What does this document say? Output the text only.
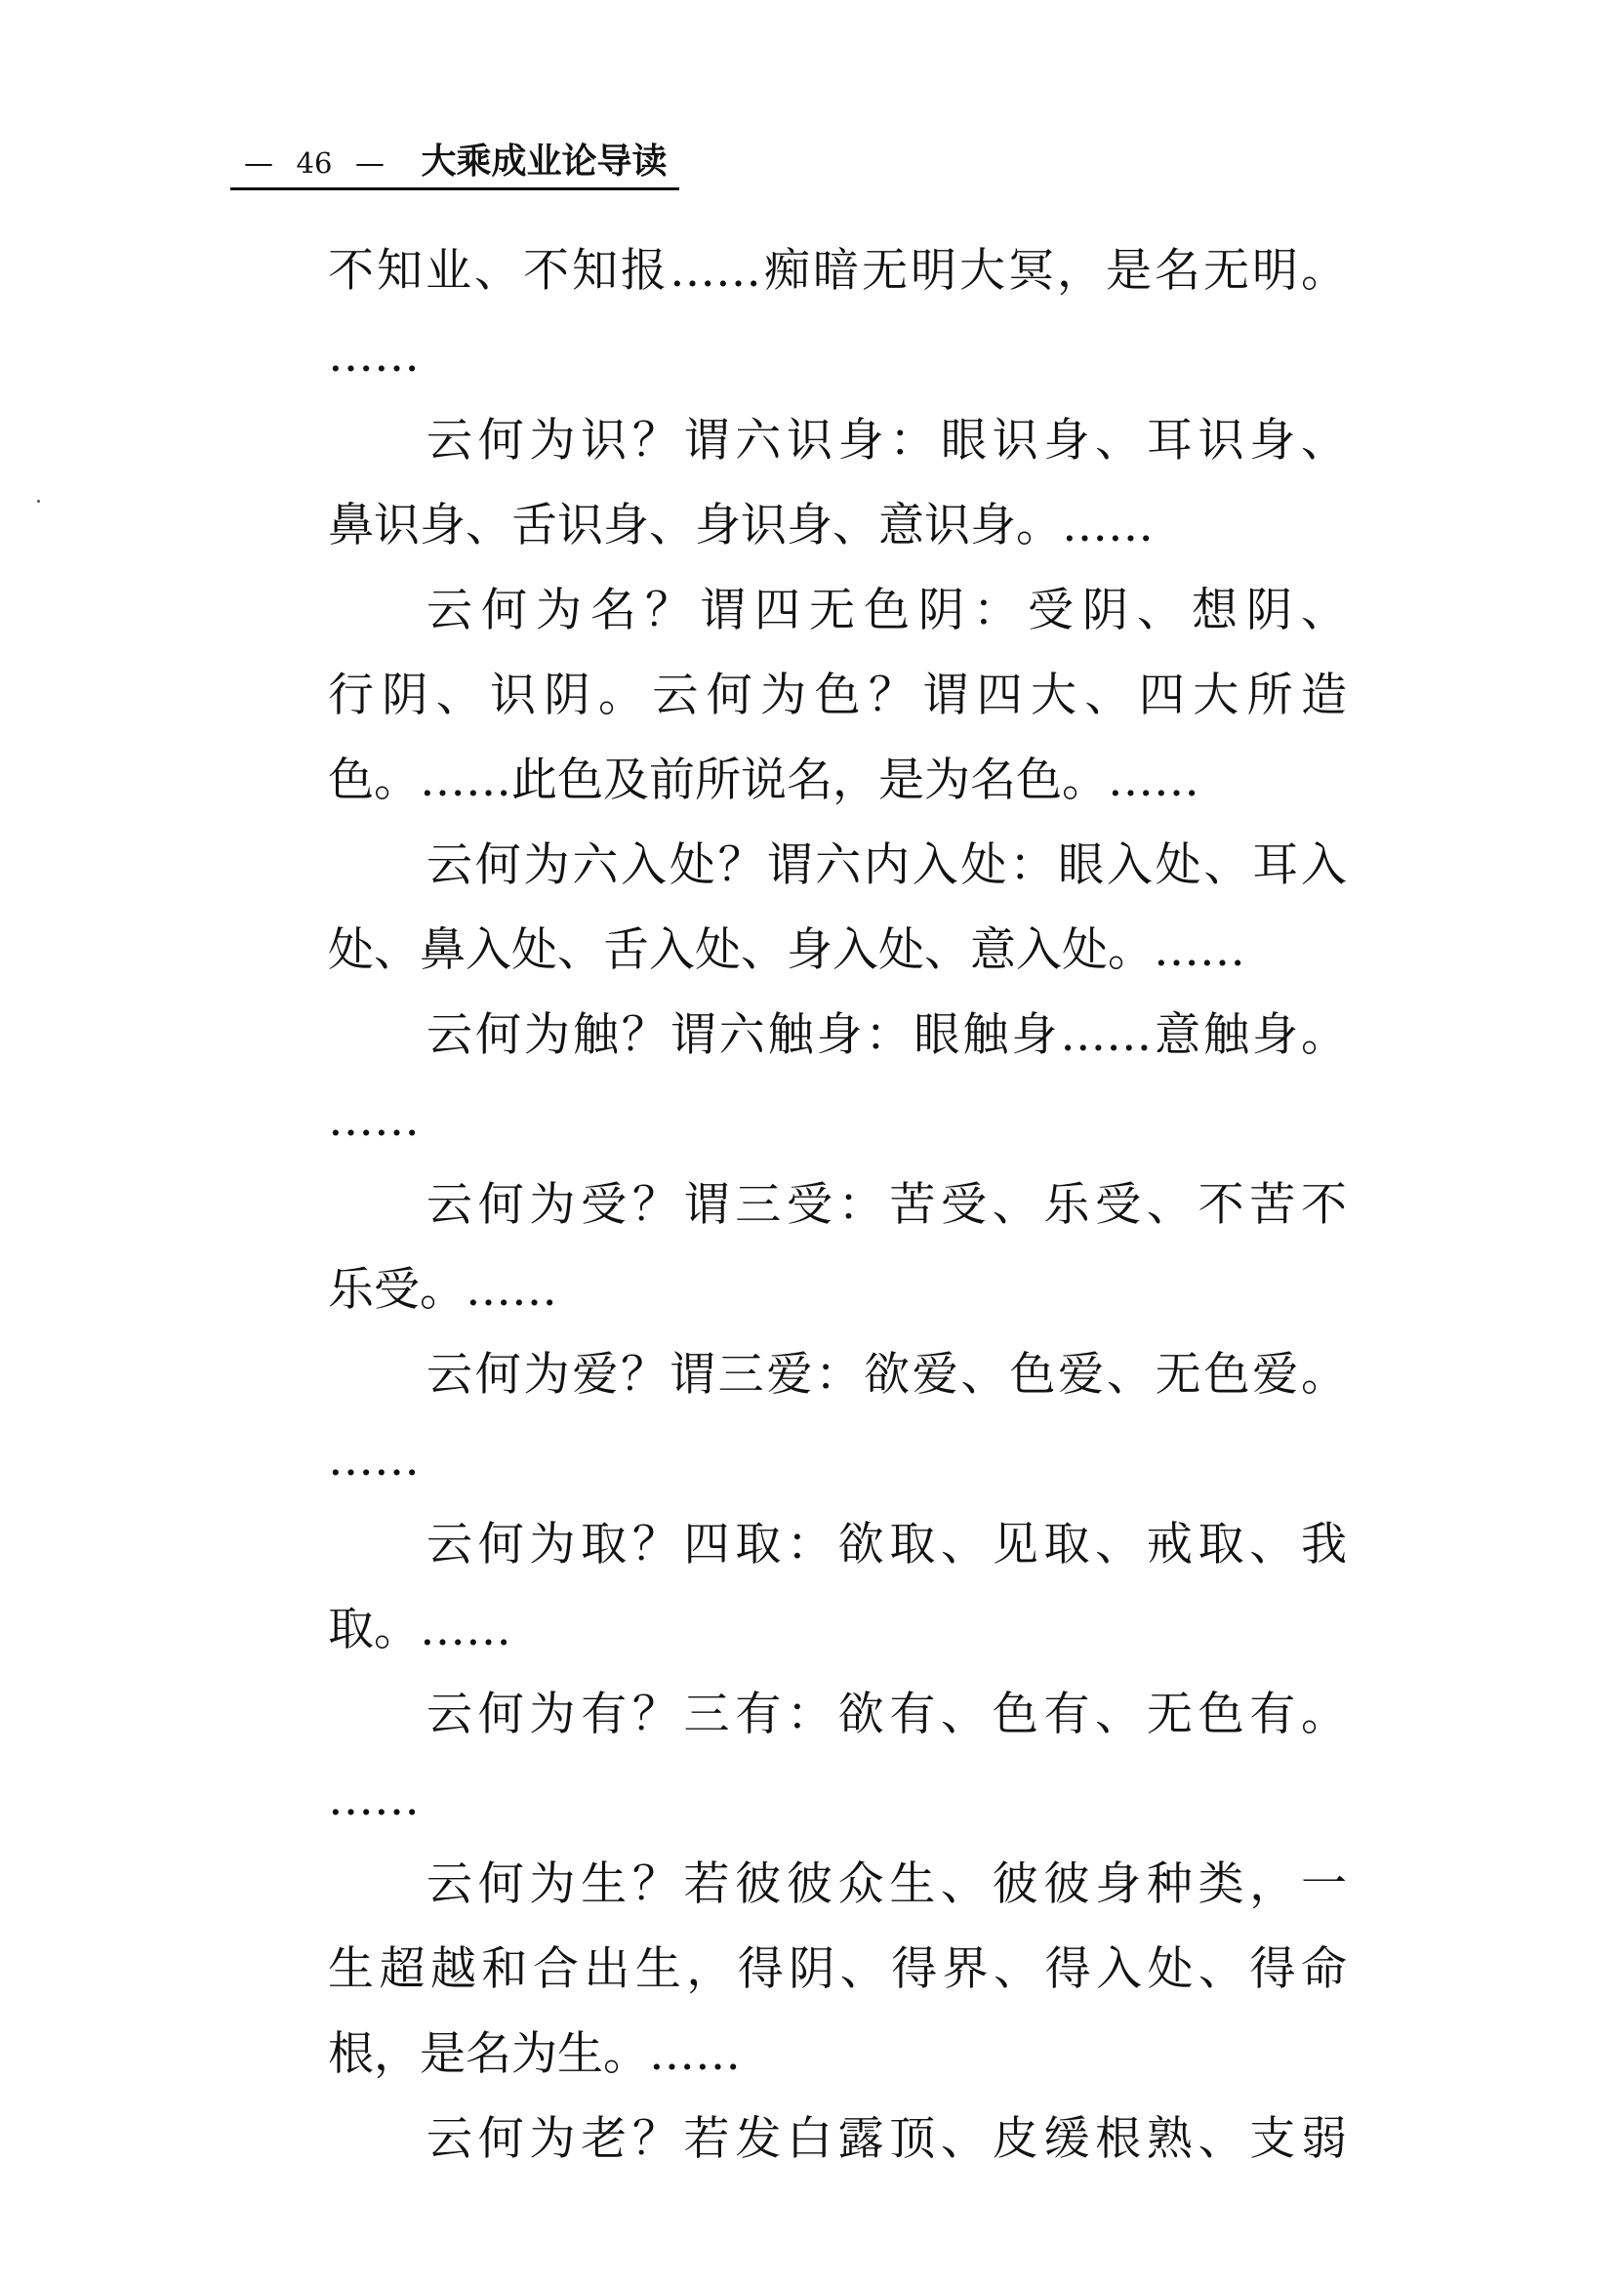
— 46 — 大乘成业论导读
不知业、不知报……痴暗无明大冥，是名无明。
……
云何为识？谓六识身：眼识身、耳识身、
鼻识身、舌识身、身识身、意识身。……
云何为名？谓四无色阴：受阴、想阴、
行阴、识阴。云何为色？谓四大、四大所造
色。……此色及前所说名，是为名色。……
云何为六入处？谓六内入处：眼入处、耳入
处、鼻入处、舌入处、身入处、意入处。……
云何为触？谓六触身：眼触身……意触身。
……
云何为受？谓三受：苦受、乐受、不苦不
乐受。……
云何为爱？谓三爱：欲爱、色爱、无色爱。
……
云何为取？四取：欲取、见取、戒取、我
取。……
云何为有？三有：欲有、色有、无色有。
……
云何为生？若彼彼众生、彼彼身种类，一
生超越和合出生，得阴、得界、得入处、得命
根，是名为生。……
云何为老？若发白露顶、皮缓根熟、支弱
